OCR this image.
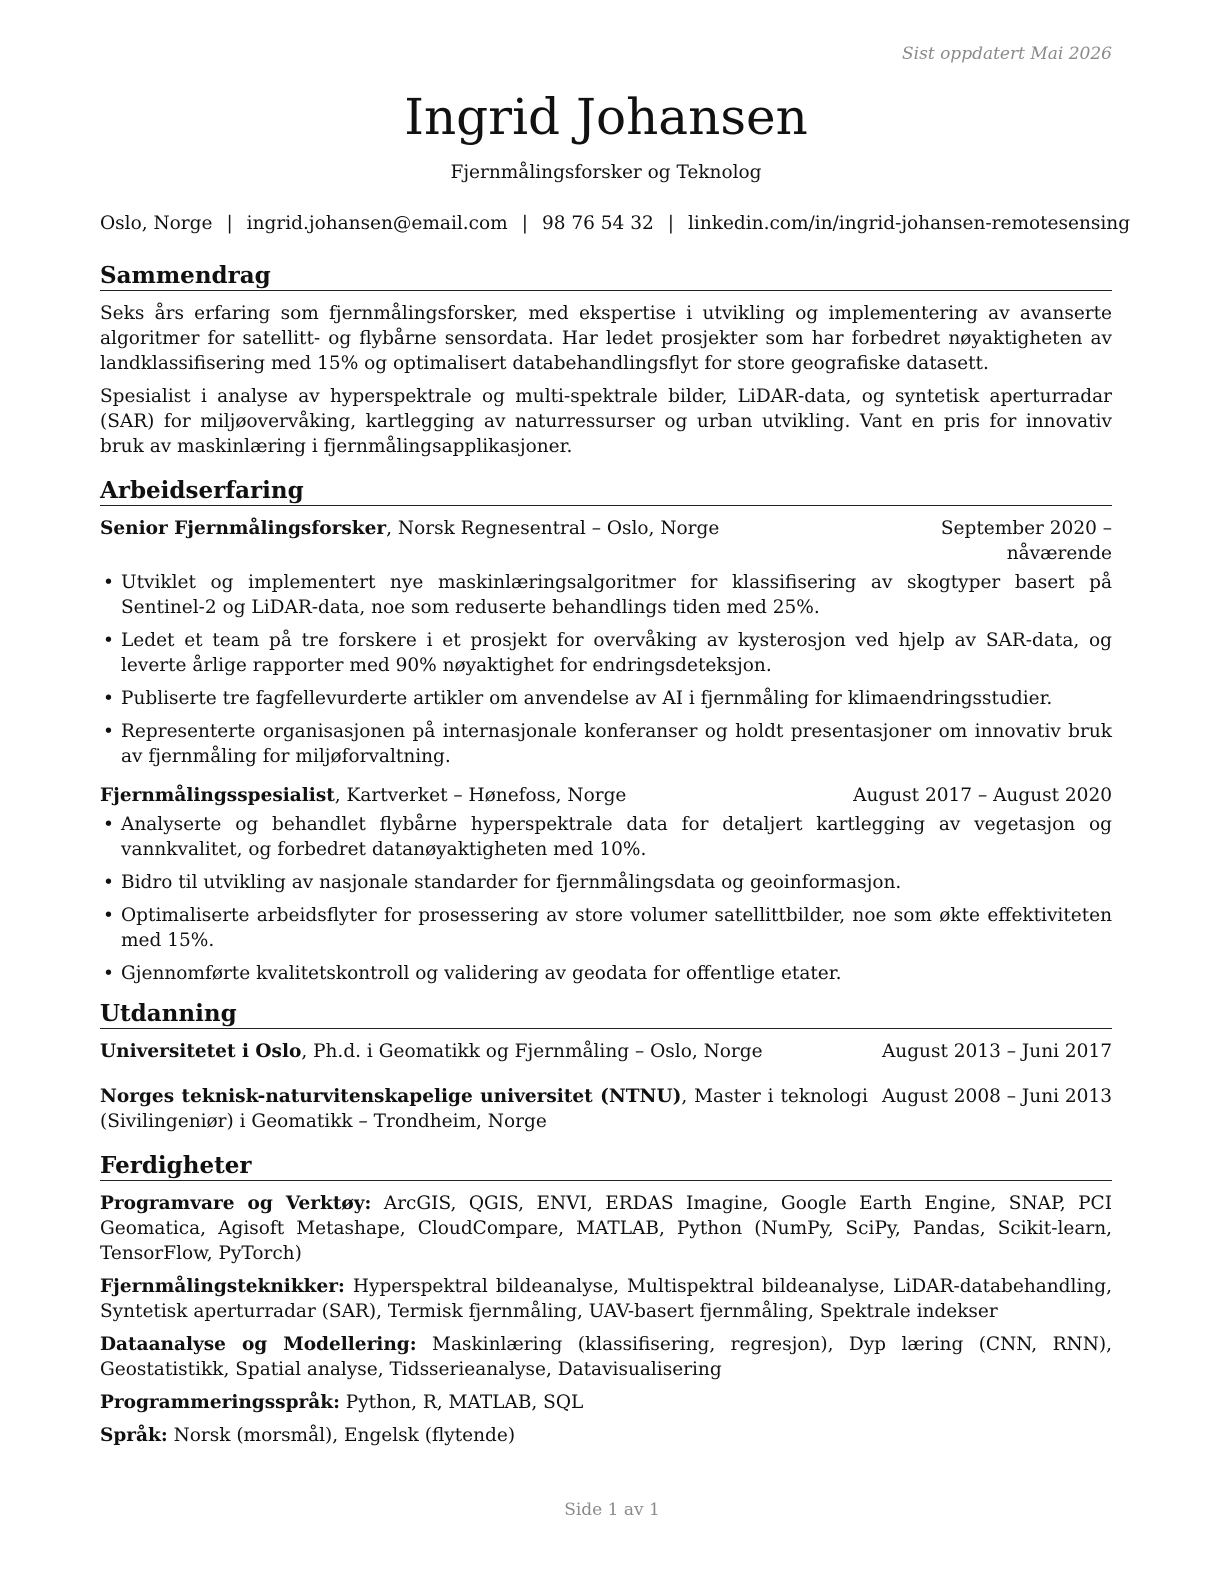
Sist oppdatert Mai 2026
Ingrid Johansen
Fjernmålingsforsker og Teknolog
Oslo, Norge | ingrid.johansen@email.com | 98 76 54 32 | linkedin.com/in/ingrid-johansen-remotesensing
Sammendrag

Seks års erfaring som fjernmålingsforsker, med ekspertise i utvikling og implementering av avanserte algoritmer for satellitt- og flybårne sensordata. Har ledet prosjekter som har forbedret nøyaktigheten av landklassifisering med 15% og optimalisert databehandlingsflyt for store geografiske datasett.

Spesialist i analyse av hyperspektrale og multi-spektrale bilder, LiDAR-data, og syntetisk aperturradar (SAR) for miljøovervåking, kartlegging av naturressurser og urban utvikling. Vant en pris for innovativ bruk av maskinlæring i fjernmålingsapplikasjoner.

Arbeidserfaring
Senior Fjernmålingsforsker, Norsk Regnesentral – Oslo, Norge	September 2020 – nåværende
• Utviklet og implementert nye maskinlæringsalgoritmer for klassifisering av skogtyper basert på Sentinel-2 og LiDAR-data, noe som reduserte behandlings tiden med 25%.
• Ledet et team på tre forskere i et prosjekt for overvåking av kysterosjon ved hjelp av SAR-data, og leverte årlige rapporter med 90% nøyaktighet for endringsdeteksjon.
• Publiserte tre fagfellevurderte artikler om anvendelse av AI i fjernmåling for klimaendringsstudier.
• Representerte organisasjonen på internasjonale konferanser og holdt presentasjoner om innovativ bruk av fjernmåling for miljøforvaltning.
Fjernmålingsspesialist, Kartverket – Hønefoss, Norge	August 2017 – August 2020
• Analyserte og behandlet flybårne hyperspektrale data for detaljert kartlegging av vegetasjon og vannkvalitet, og forbedret datanøyaktigheten med 10%.
• Bidro til utvikling av nasjonale standarder for fjernmålingsdata og geoinformasjon.
• Optimaliserte arbeidsflyter for prosessering av store volumer satellittbilder, noe som økte effektiviteten med 15%.
• Gjennomførte kvalitetskontroll og validering av geodata for offentlige etater.
Utdanning
Universitetet i Oslo, Ph.d. i Geomatikk og Fjernmåling – Oslo, Norge	August 2013 – Juni 2017
Norges teknisk-naturvitenskapelige universitet (NTNU), Master i teknologi (Sivilingeniør) i Geomatikk – Trondheim, Norge
August 2008 – Juni 2013
Ferdigheter
Programvare og Verktøy: ArcGIS, QGIS, ENVI, ERDAS Imagine, Google Earth Engine, SNAP, PCI Geomatica, Agisoft Metashape, CloudCompare, MATLAB, Python (NumPy, SciPy, Pandas, Scikit-learn, TensorFlow, PyTorch)
Fjernmålingsteknikker: Hyperspektral bildeanalyse, Multispektral bildeanalyse, LiDAR-databehandling, Syntetisk aperturradar (SAR), Termisk fjernmåling, UAV-basert fjernmåling, Spektrale indekser
Dataanalyse og Modellering: Maskinlæring (klassifisering, regresjon), Dyp læring (CNN, RNN), Geostatistikk, Spatial analyse, Tidsserieanalyse, Datavisualisering
Programmeringsspråk: Python, R, MATLAB, SQL
Språk: Norsk (morsmål), Engelsk (flytende)
Side 1 av 1
